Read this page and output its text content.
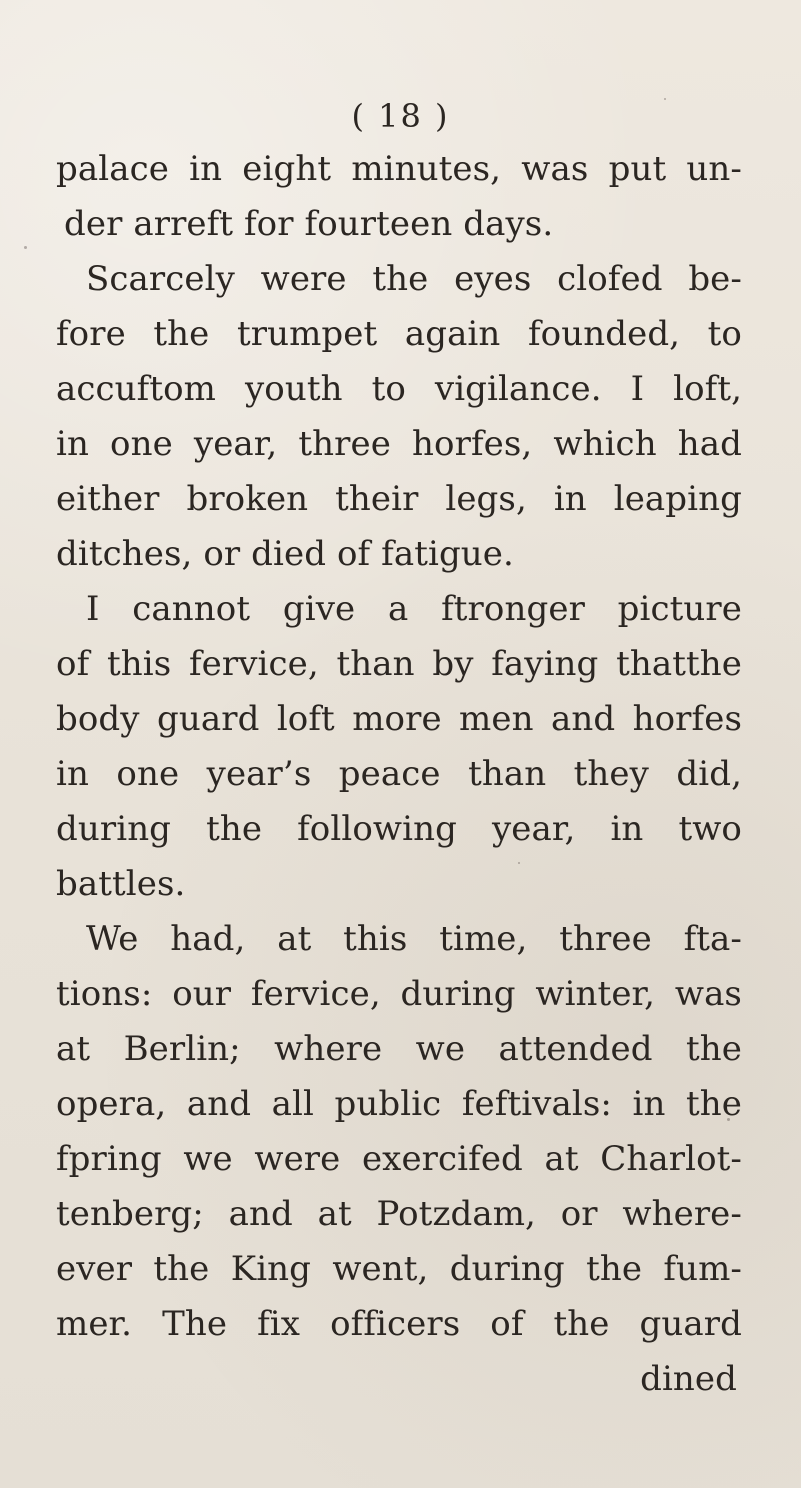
( 18 )
palace in eight minutes, was put un-
der arreft for fourteen days.
Scarcely were the eyes clofed be-
fore the trumpet again founded, to
accuftom youth to vigilance. I loft,
in one year, three horfes, which had
either broken their legs, in leaping
ditches, or died of fatigue.
I cannot give a ftronger picture
of this fervice, than by faying thatthe
body guard loft more men and horfes
in one year’s peace than they did,
during the following year, in two
battles.
We had, at this time, three fta-
tions: our fervice, during winter, was
at Berlin; where we attended the
opera, and all public feftivals: in the
fpring we were exercifed at Charlot-
tenberg; and at Potzdam, or where-
ever the King went, during the fum-
mer. The fix officers of the guard
dined
